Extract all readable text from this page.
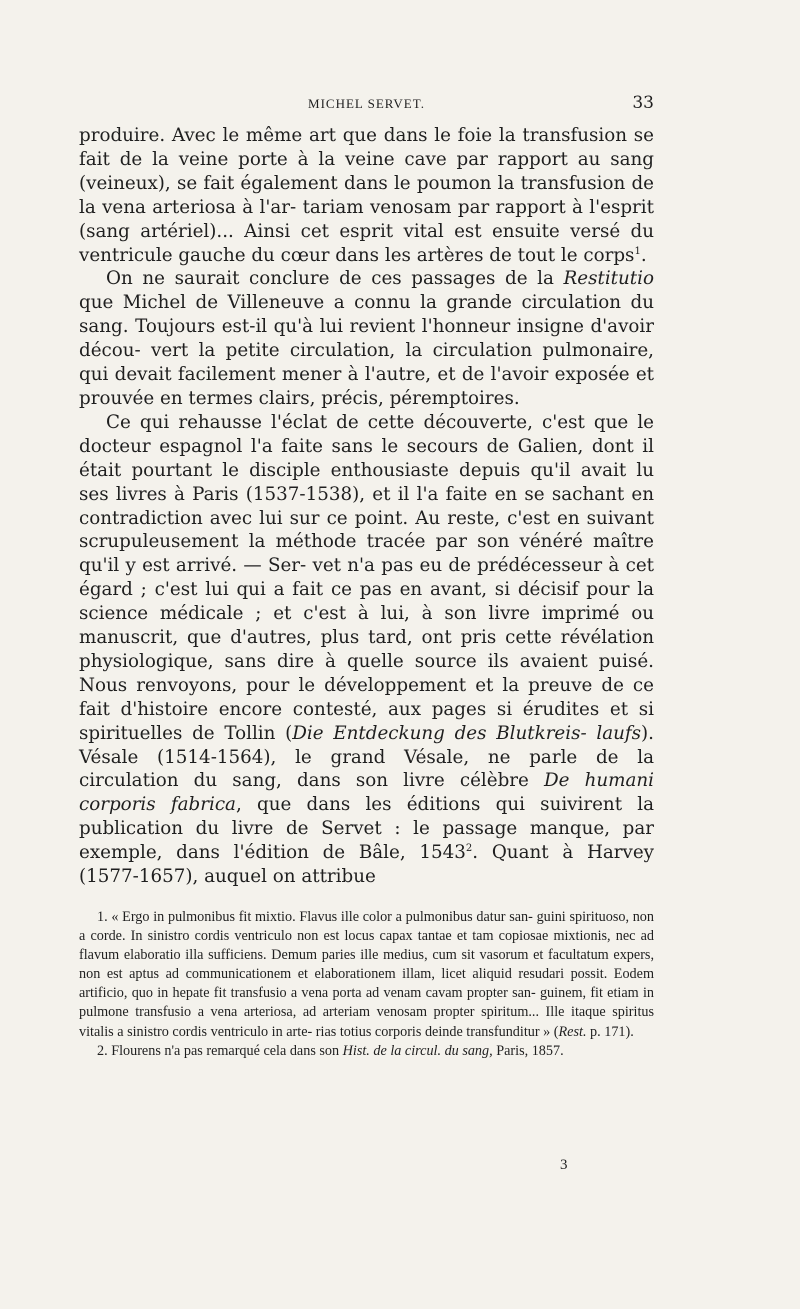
MICHEL SERVET.	33

produire. Avec le même art que dans le foie la transfusion se fait de la veine porte à la veine cave par rapport au sang (veineux), se fait également dans le poumon la transfusion de la vena arteriosa à l'ar- tariam venosam par rapport à l'esprit (sang artériel)... Ainsi cet esprit vital est ensuite versé du ventricule gauche du cœur dans les artères de tout le corps$^1$.

On ne saurait conclure de ces passages de la Restitutio que Michel de Villeneuve a connu la grande circulation du sang. Toujours est-il qu'à lui revient l'honneur insigne d'avoir décou- vert la petite circulation, la circulation pulmonaire, qui devait facilement mener à l'autre, et de l'avoir exposée et prouvée en termes clairs, précis, péremptoires.

Ce qui rehausse l'éclat de cette découverte, c'est que le docteur espagnol l'a faite sans le secours de Galien, dont il était pourtant le disciple enthousiaste depuis qu'il avait lu ses livres à Paris (1537-1538), et il l'a faite en se sachant en contradiction avec lui sur ce point. Au reste, c'est en suivant scrupuleusement la méthode tracée par son vénéré maître qu'il y est arrivé. — Ser- vet n'a pas eu de prédécesseur à cet égard ; c'est lui qui a fait ce pas en avant, si décisif pour la science médicale ; et c'est à lui, à son livre imprimé ou manuscrit, que d'autres, plus tard, ont pris cette révélation physiologique, sans dire à quelle source ils avaient puisé. Nous renvoyons, pour le développement et la preuve de ce fait d'histoire encore contesté, aux pages si érudites et si spirituelles de Tollin (Die Entdeckung des Blutkreis- laufs). Vésale (1514-1564), le grand Vésale, ne parle de la circulation du sang, dans son livre célèbre De humani corporis fabrica, que dans les éditions qui suivirent la publication du livre de Servet : le passage manque, par exemple, dans l'édition de Bâle, 1543$^2$. Quant à Harvey (1577-1657), auquel on attribue

1. « Ergo in pulmonibus fit mixtio. Flavus ille color a pulmonibus datur san- guini spirituoso, non a corde. In sinistro cordis ventriculo non est locus capax tantae et tam copiosae mixtionis, nec ad flavum elaboratio illa sufficiens. Demum paries ille medius, cum sit vasorum et facultatum expers, non est aptus ad communicationem et elaborationem illam, licet aliquid resudari possit. Eodem artificio, quo in hepate fit transfusio a vena porta ad venam cavam propter san- guinem, fit etiam in pulmone transfusio a vena arteriosa, ad arteriam venosam propter spiritum... Ille itaque spiritus vitalis a sinistro cordis ventriculo in arte- rias totius corporis deinde transfunditur » (Rest. p. 171).

2. Flourens n'a pas remarqué cela dans son Hist. de la circul. du sang, Paris, 1857.

3
